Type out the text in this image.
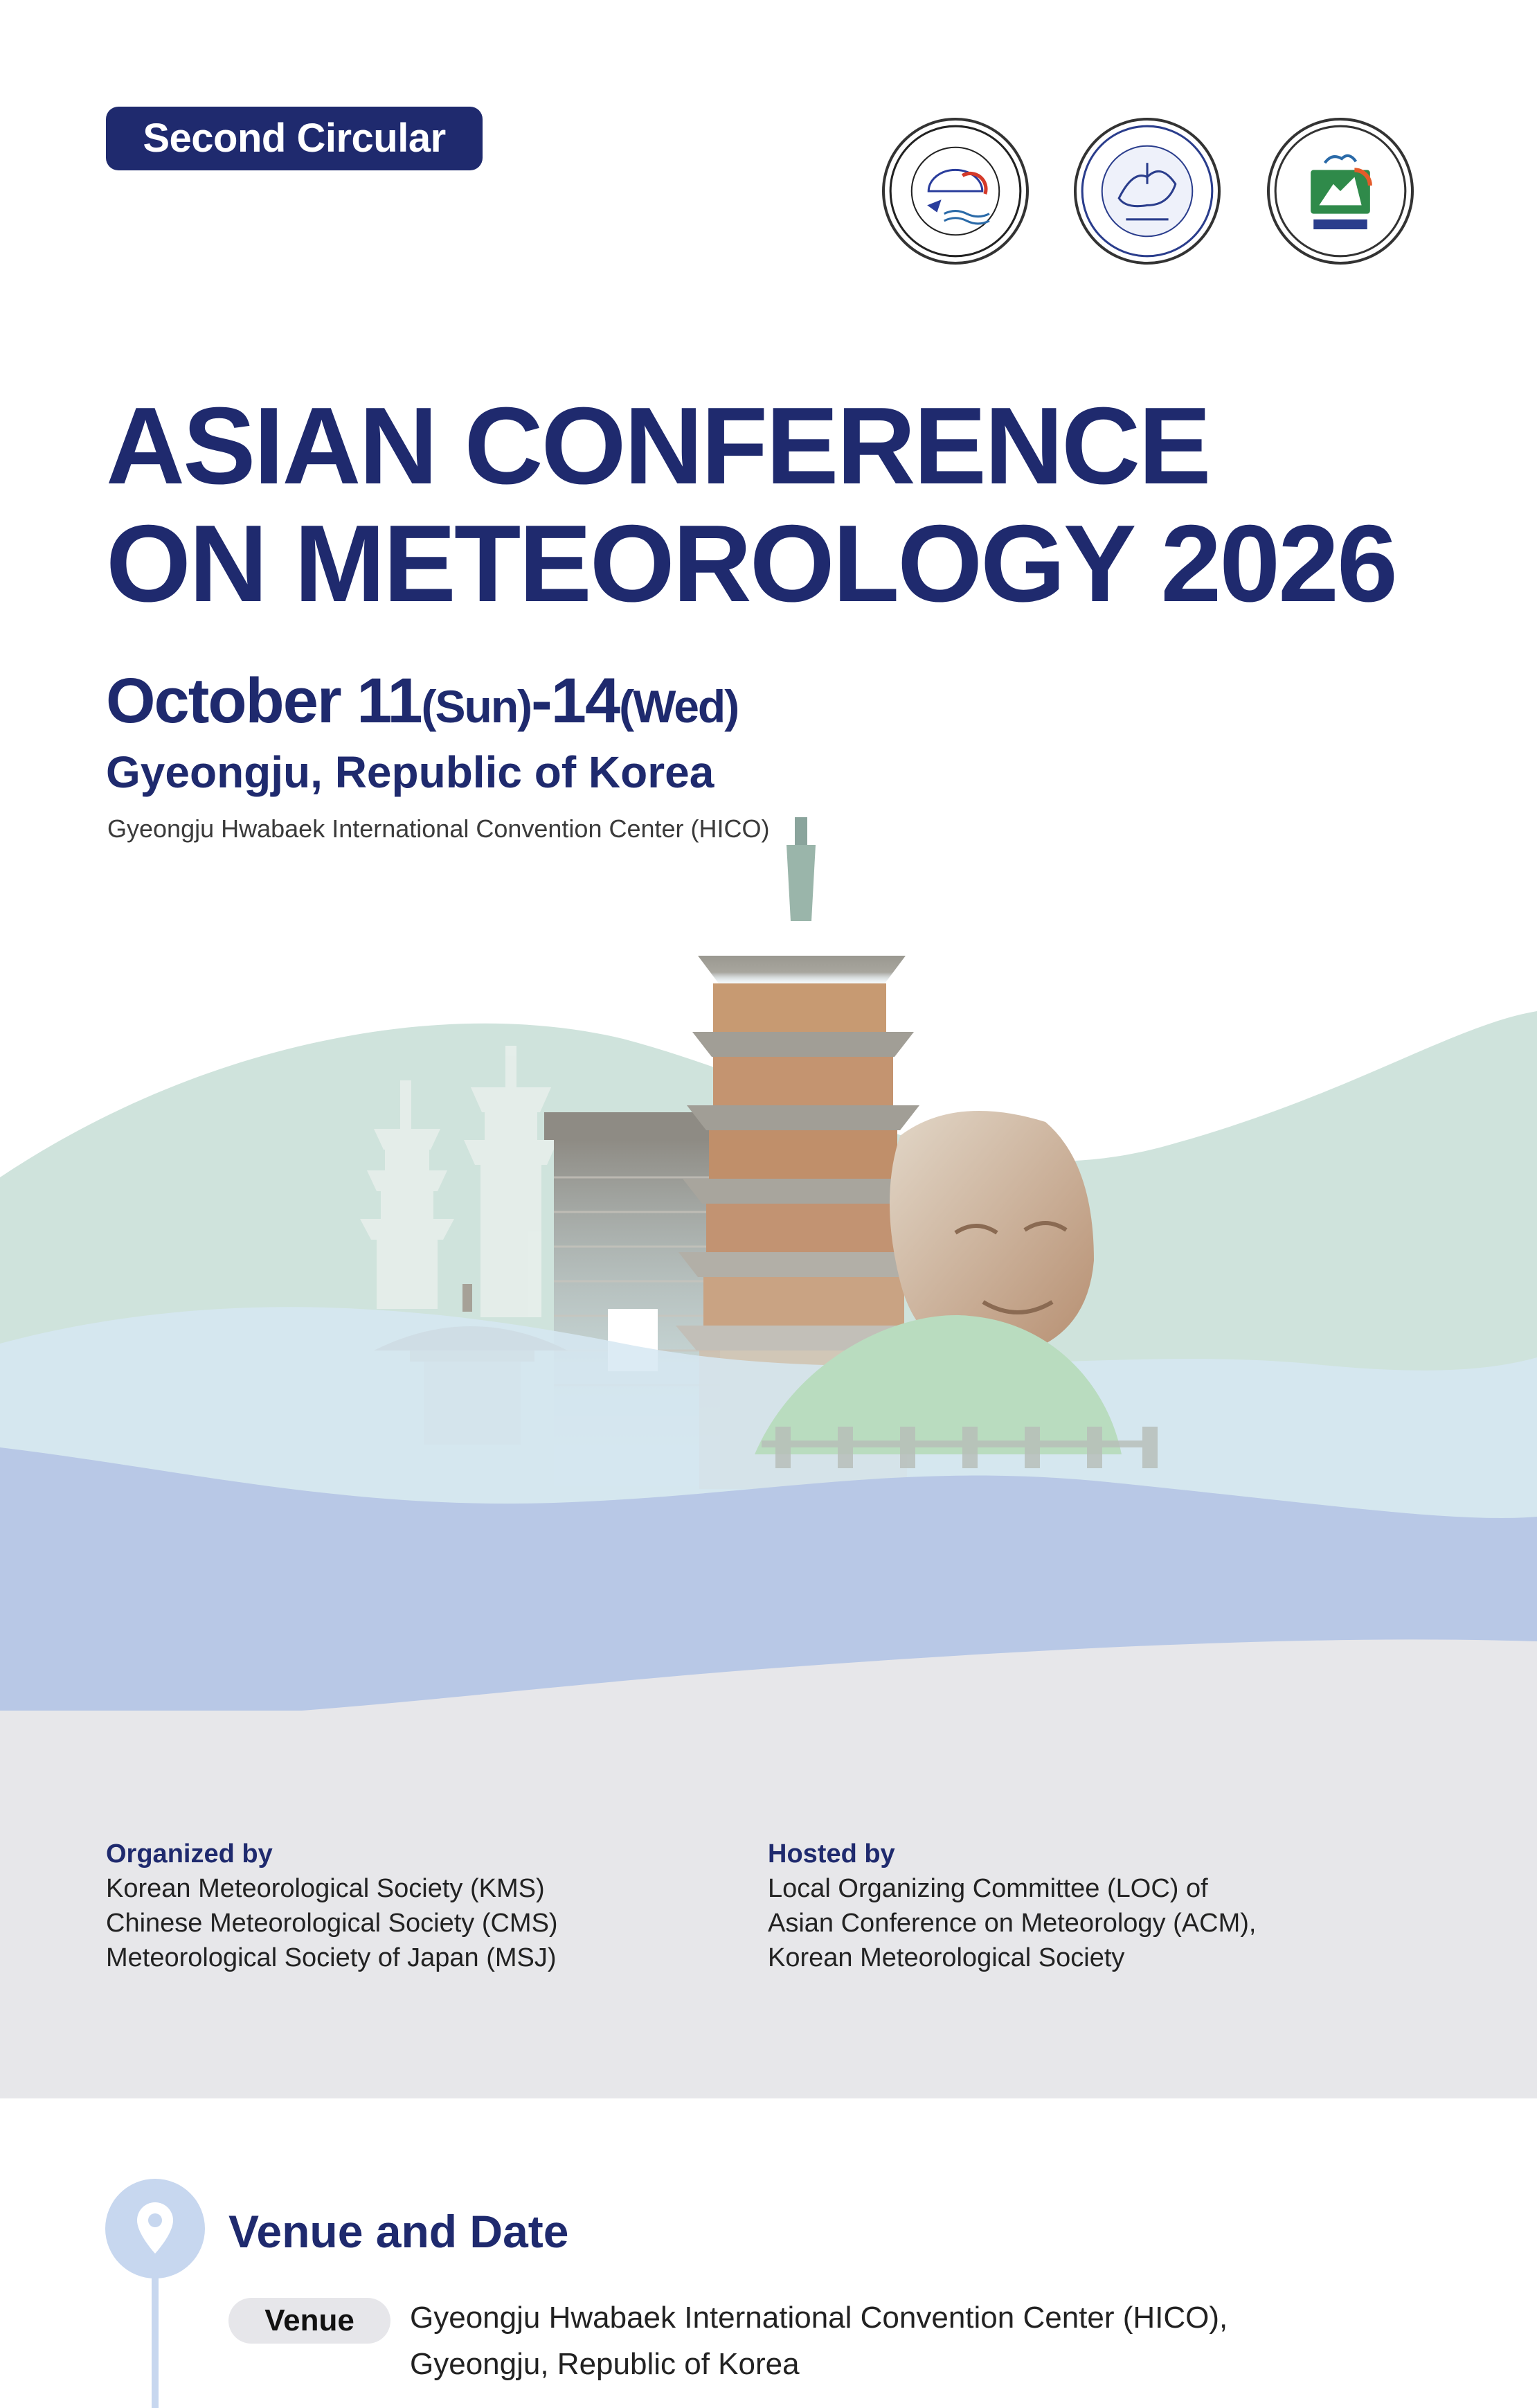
Second Circular
ASIAN CONFERENCE
ON METEOROLOGY 2026
October 11(Sun)-14(Wed)
Gyeongju, Republic of Korea
Gyeongju Hwabaek International Convention Center (HICO)
Organized by
Korean Meteorological Society (KMS)
Chinese Meteorological Society (CMS)
Meteorological Society of Japan (MSJ)
Hosted by
Local Organizing Committee (LOC) of
Asian Conference on Meteorology (ACM),
Korean Meteorological Society
Venue and Date
Venue	Gyeongju Hwabaek International Convention Center (HICO),
Gyeongju, Republic of Korea
